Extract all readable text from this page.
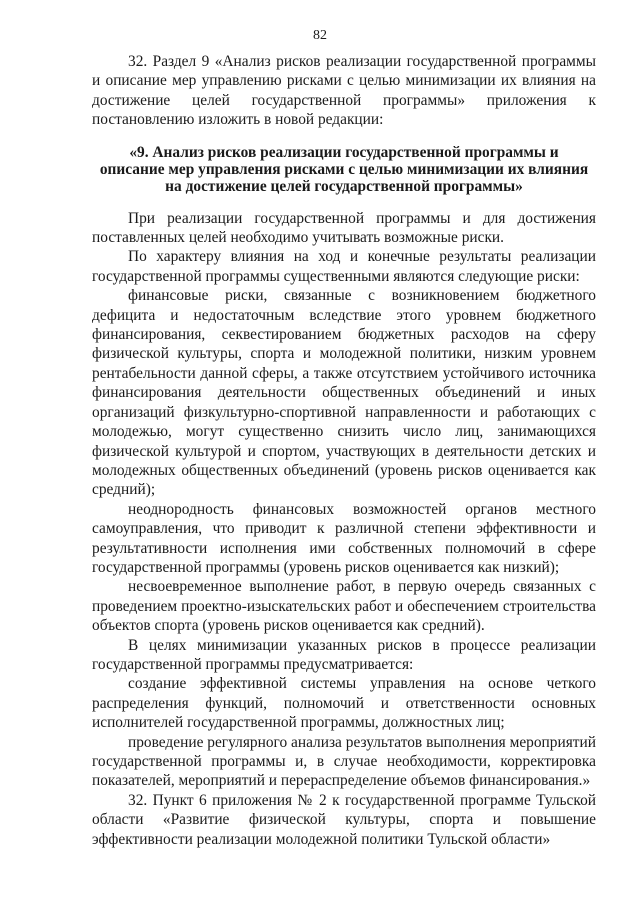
82

32. Раздел 9 «Анализ рисков реализации государственной программы и описание мер управлению рисками с целью минимизации их влияния на достижение целей государственной программы» приложения к постановлению изложить в новой редакции:

«9. Анализ рисков реализации государственной программы и описание мер управления рисками с целью минимизации их влияния на достижение целей государственной программы»

При реализации государственной программы и для достижения поставленных целей необходимо учитывать возможные риски.

По характеру влияния на ход и конечные результаты реализации государственной программы существенными являются следующие риски:

финансовые риски, связанные с возникновением бюджетного дефицита и недостаточным вследствие этого уровнем бюджетного финансирования, секвестированием бюджетных расходов на сферу физической культуры, спорта и молодежной политики, низким уровнем рентабельности данной сферы, а также отсутствием устойчивого источника финансирования деятельности общественных объединений и иных организаций физкультурно-спортивной направленности и работающих с молодежью, могут существенно снизить число лиц, занимающихся физической культурой и спортом, участвующих в деятельности детских и молодежных общественных объединений (уровень рисков оценивается как средний);

неоднородность финансовых возможностей органов местного самоуправления, что приводит к различной степени эффективности и результативности исполнения ими собственных полномочий в сфере государственной программы (уровень рисков оценивается как низкий);

несвоевременное выполнение работ, в первую очередь связанных с проведением проектно-изыскательских работ и обеспечением строительства объектов спорта (уровень рисков оценивается как средний).

В целях минимизации указанных рисков в процессе реализации государственной программы предусматривается:

создание эффективной системы управления на основе четкого распределения функций, полномочий и ответственности основных исполнителей государственной программы, должностных лиц;

проведение регулярного анализа результатов выполнения мероприятий государственной программы и, в случае необходимости, корректировка показателей, мероприятий и перераспределение объемов финансирования.»

32. Пункт 6 приложения № 2 к государственной программе Тульской области «Развитие физической культуры, спорта и повышение эффективности реализации молодежной политики Тульской области»
